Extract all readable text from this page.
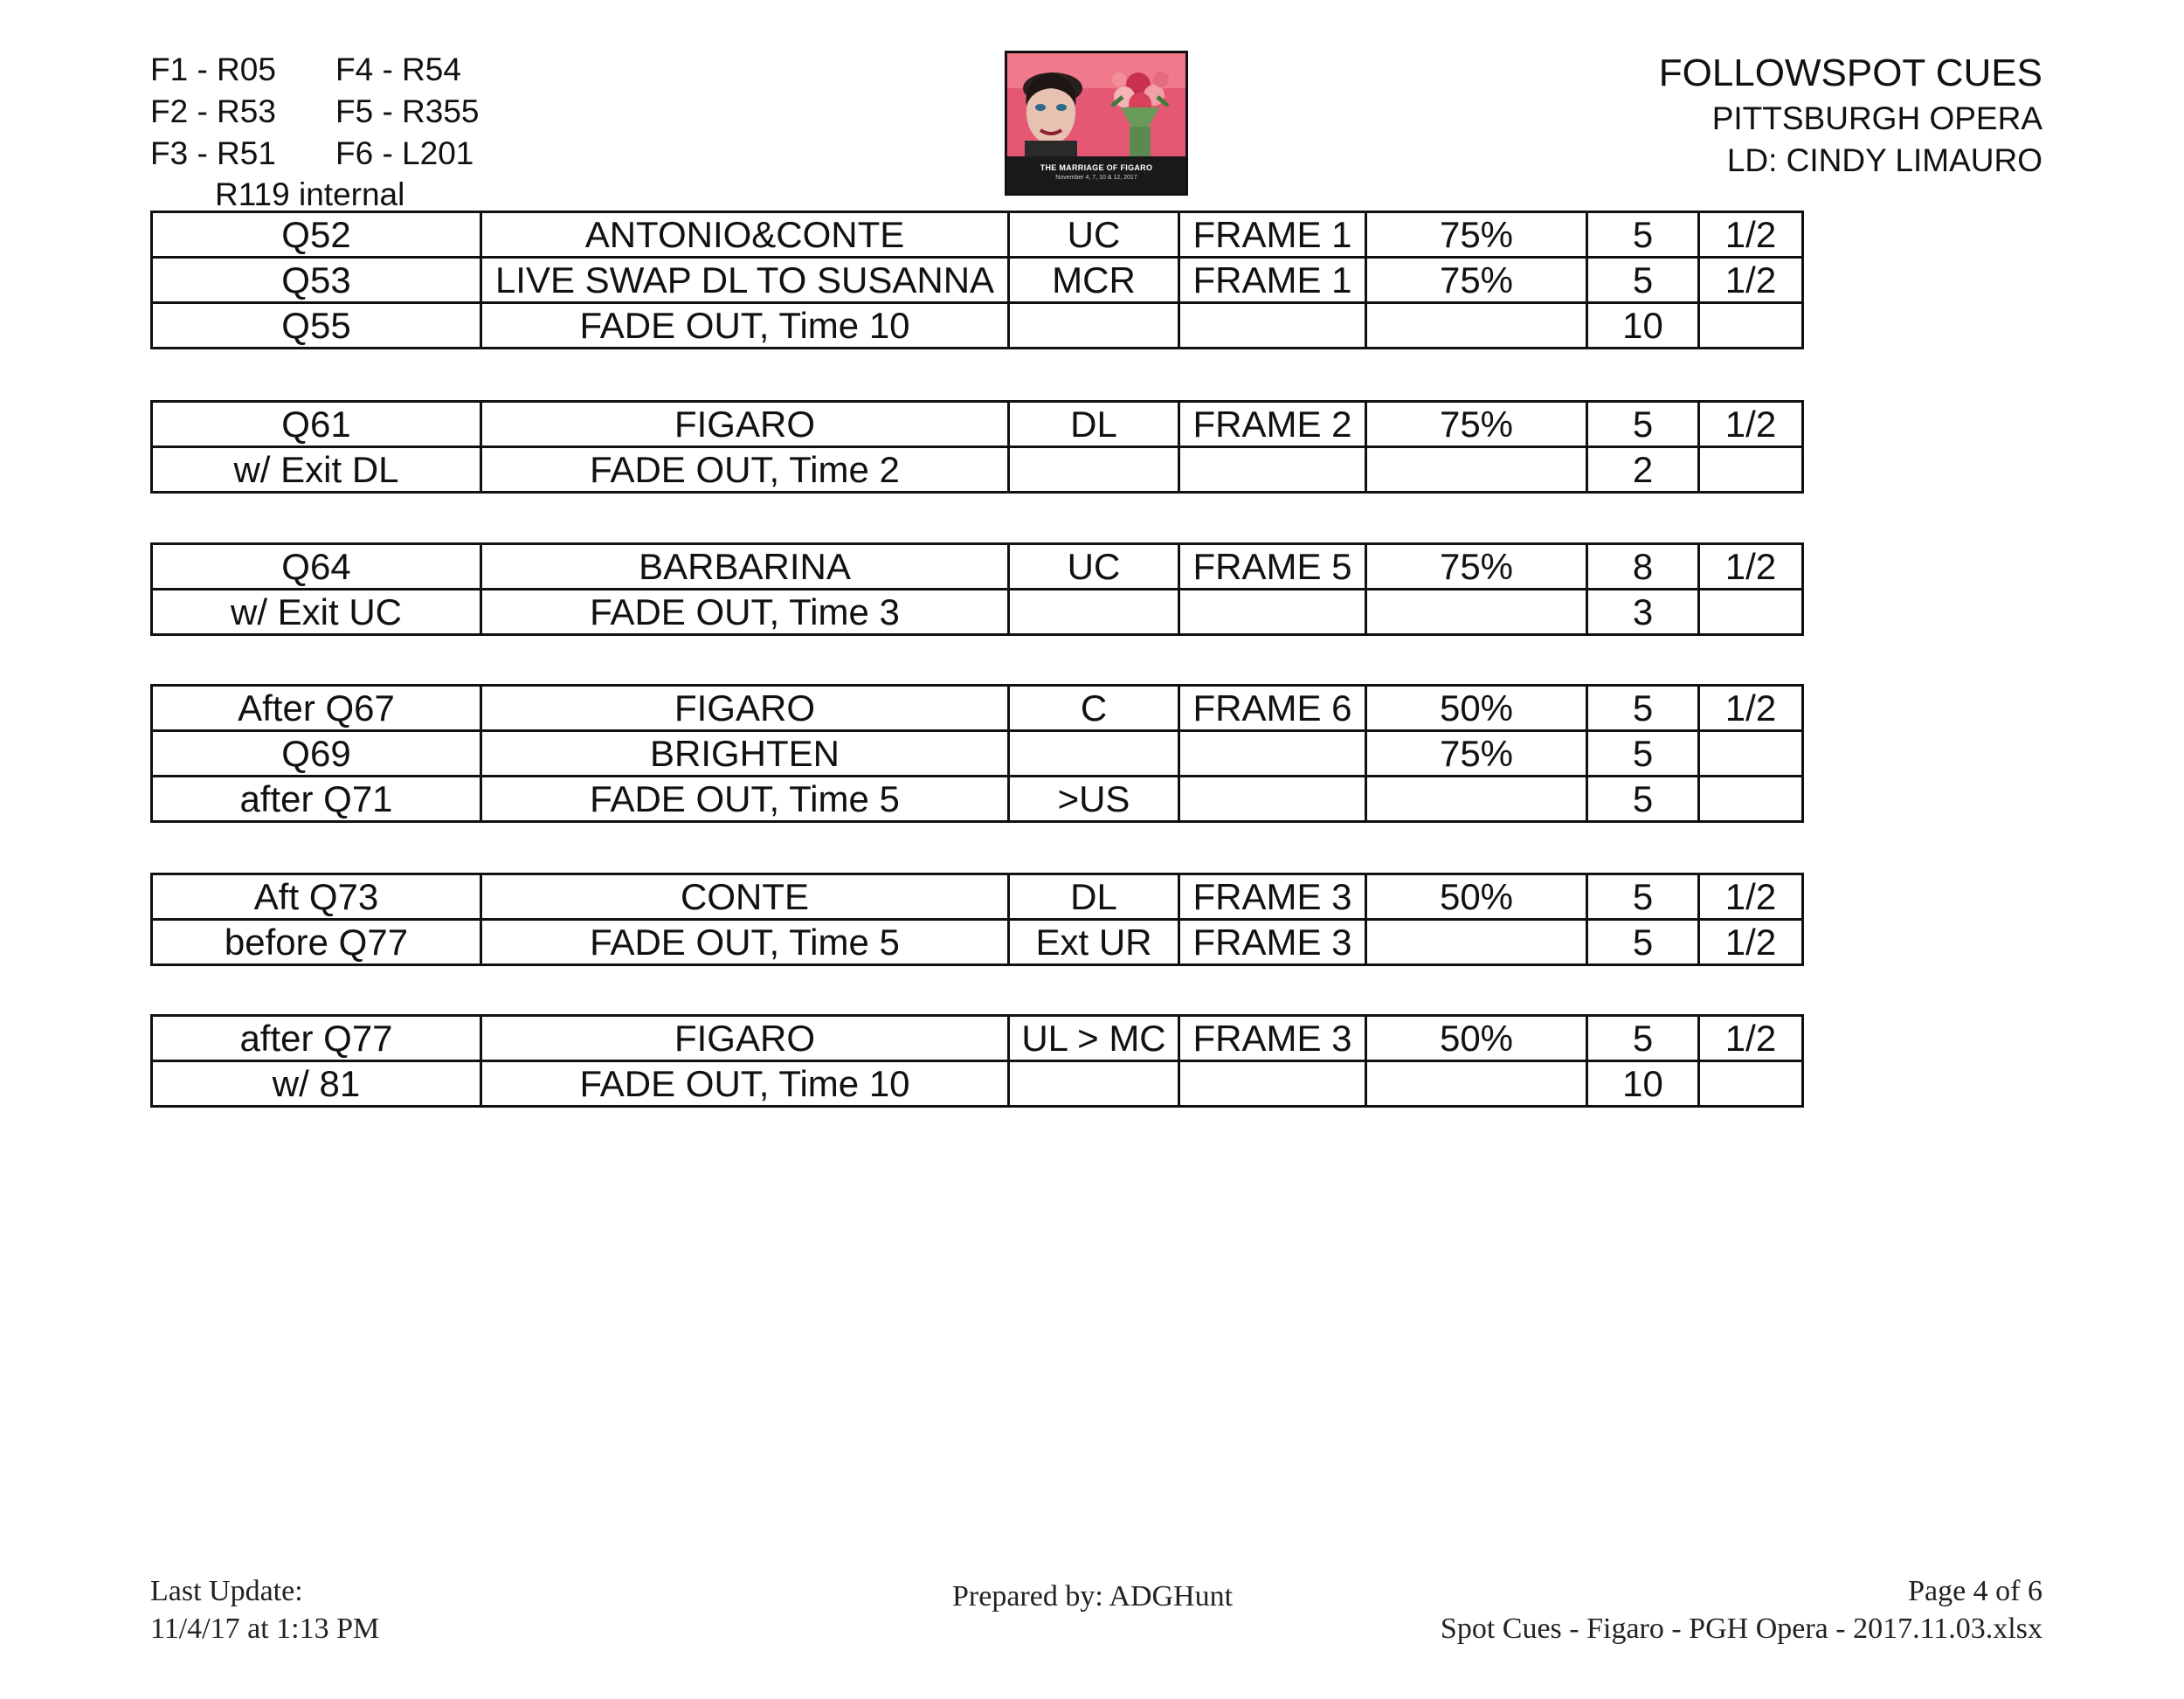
F1 - R05	F4 - R54
F2 - R53	F5 - R355
F3 - R51	F6 - L201
R119 internal
THE MARRIAGE OF FIGARO
November 4, 7, 10 & 12, 2017
FOLLOWSPOT CUES
PITTSBURGH OPERA
LD: CINDY LIMAURO
Q52	ANTONIO&CONTE	UC	FRAME 1	75%	5	1/2
Q53	LIVE SWAP DL TO SUSANNA	MCR	FRAME 1	75%	5	1/2
Q55	FADE OUT, Time 10				10	
Q61	FIGARO	DL	FRAME 2	75%	5	1/2
w/ Exit DL	FADE OUT, Time 2				2	
Q64	BARBARINA	UC	FRAME 5	75%	8	1/2
w/ Exit UC	FADE OUT, Time 3				3	
After Q67	FIGARO	C	FRAME 6	50%	5	1/2
Q69	BRIGHTEN			75%	5	
after Q71	FADE OUT, Time 5	>US			5	
Aft Q73	CONTE	DL	FRAME 3	50%	5	1/2
before Q77	FADE OUT, Time 5	Ext UR	FRAME 3		5	1/2
after Q77	FIGARO	UL > MC	FRAME 3	50%	5	1/2
w/ 81	FADE OUT, Time 10				10	
Last Update:
11/4/17 at 1:13 PM
Prepared by: ADGHunt	Page 4 of 6
Spot Cues - Figaro - PGH Opera - 2017.11.03.xlsx
